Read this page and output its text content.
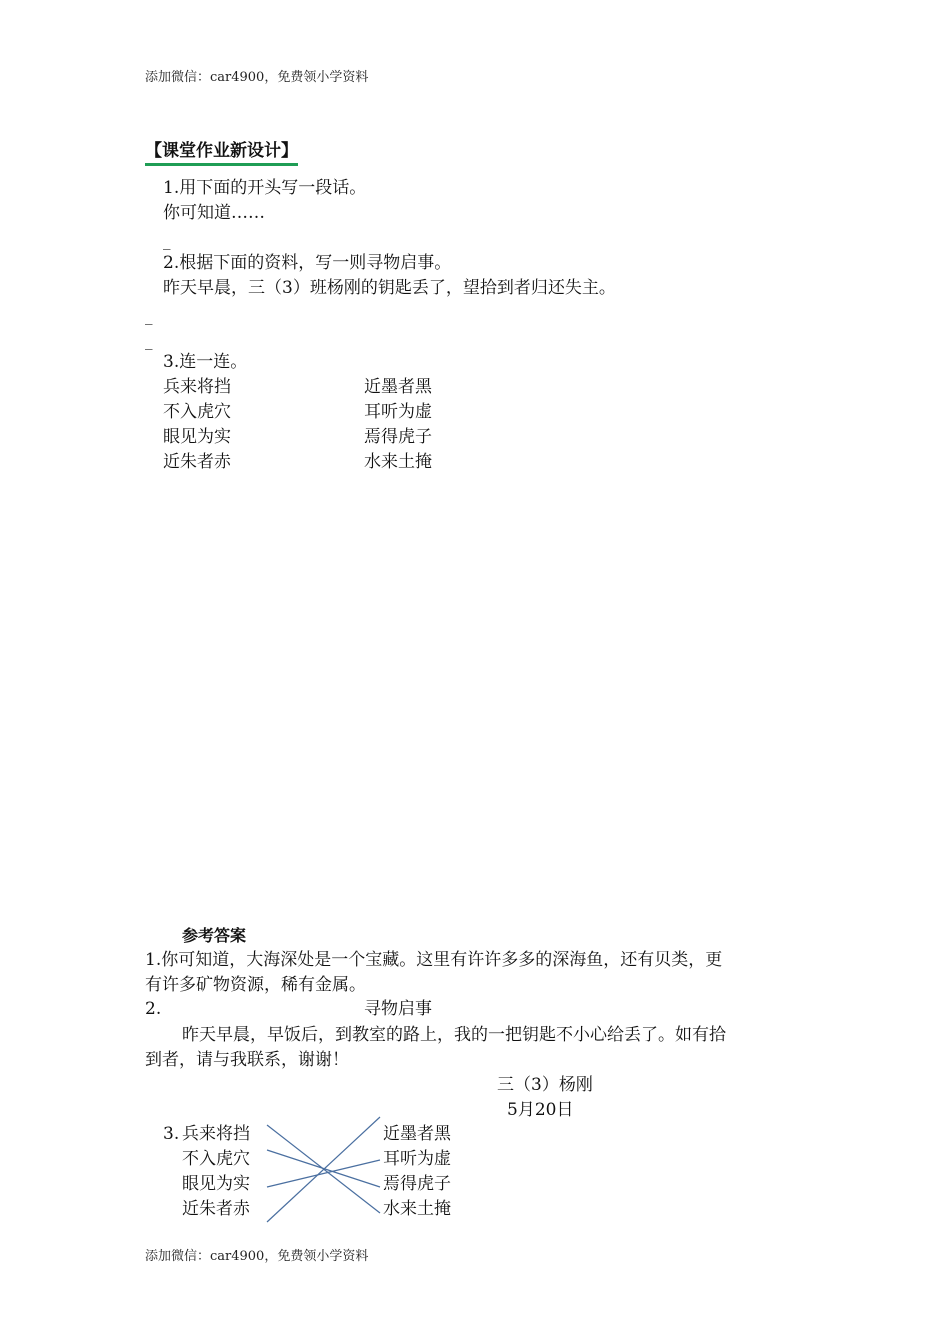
添加微信：car4900，免费领小学资料
【课堂作业新设计】
1.用下面的开头写一段话。
你可知道……
_
2.根据下面的资料，写一则寻物启事。
昨天早晨，三（3）班杨刚的钥匙丢了，望拾到者归还失主。
_
_
3.连一连。
兵来将挡
不入虎穴
眼见为实
近朱者赤
近墨者黑
耳听为虚
焉得虎子
水来土掩
参考答案
1.你可知道，大海深处是一个宝藏。这里有许许多多的深海鱼，还有贝类，更
有许多矿物资源，稀有金属。
2.	寻物启事
昨天早晨，早饭后，到教室的路上，我的一把钥匙不小心给丢了。如有拾
到者，请与我联系，谢谢！
三（3）杨刚
5月20日
3. 兵来将挡
不入虎穴
眼见为实
近朱者赤
近墨者黑
耳听为虚
焉得虎子
水来土掩
添加微信：car4900，免费领小学资料
